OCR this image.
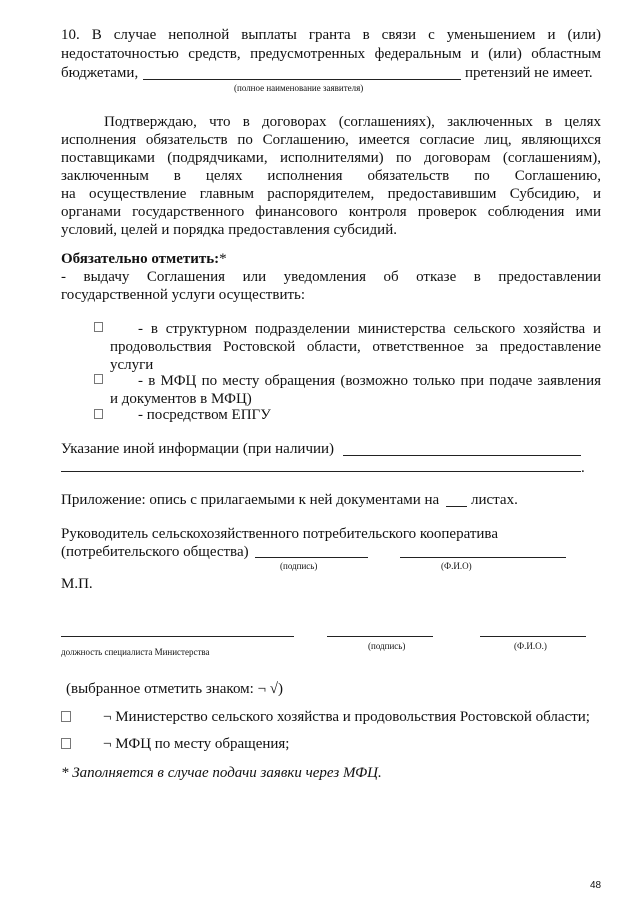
10. В случае неполной выплаты гранта в связи с уменьшением и (или)
недостаточностью средств, предусмотренных федеральным и (или) областным
бюджетами,	претензий не имеет.
(полное наименование заявителя)
Подтверждаю, что в договорах (соглашениях), заключенных в целях
исполнения обязательств по Соглашению, имеется согласие лиц, являющихся
поставщиками (подрядчиками, исполнителями) по договорам (соглашениям),
заключенным в целях исполнения обязательств по Соглашению,
на осуществление главным распорядителем, предоставившим Субсидию, и
органами государственного финансового контроля проверок соблюдения ими
условий, целей и порядка предоставления субсидий.
Обязательно отметить:*
- выдачу Соглашения или уведомления об отказе в предоставлении
государственной услуги осуществить:
- в структурном подразделении министерства сельского хозяйства и
продовольствия Ростовской области, ответственное за предоставление
услуги
- в МФЦ по месту обращения (возможно только при подаче заявления
и документов в МФЦ)
- посредством ЕПГУ
Указание иной информации (при наличии)
.
Приложение: опись с прилагаемыми к ней документами на листах.
Руководитель сельскохозяйственного потребительского кооператива
(потребительского общества)
(подпись)	(Ф.И.О)
М.П.
должность специалиста Министерства
(подпись)	(Ф.И.О.)
(выбранное отметить знаком: ¬ √)
¬ Министерство сельского хозяйства и продовольствия Ростовской области;
¬ МФЦ по месту обращения;
* Заполняется в случае подачи заявки через МФЦ.
48
